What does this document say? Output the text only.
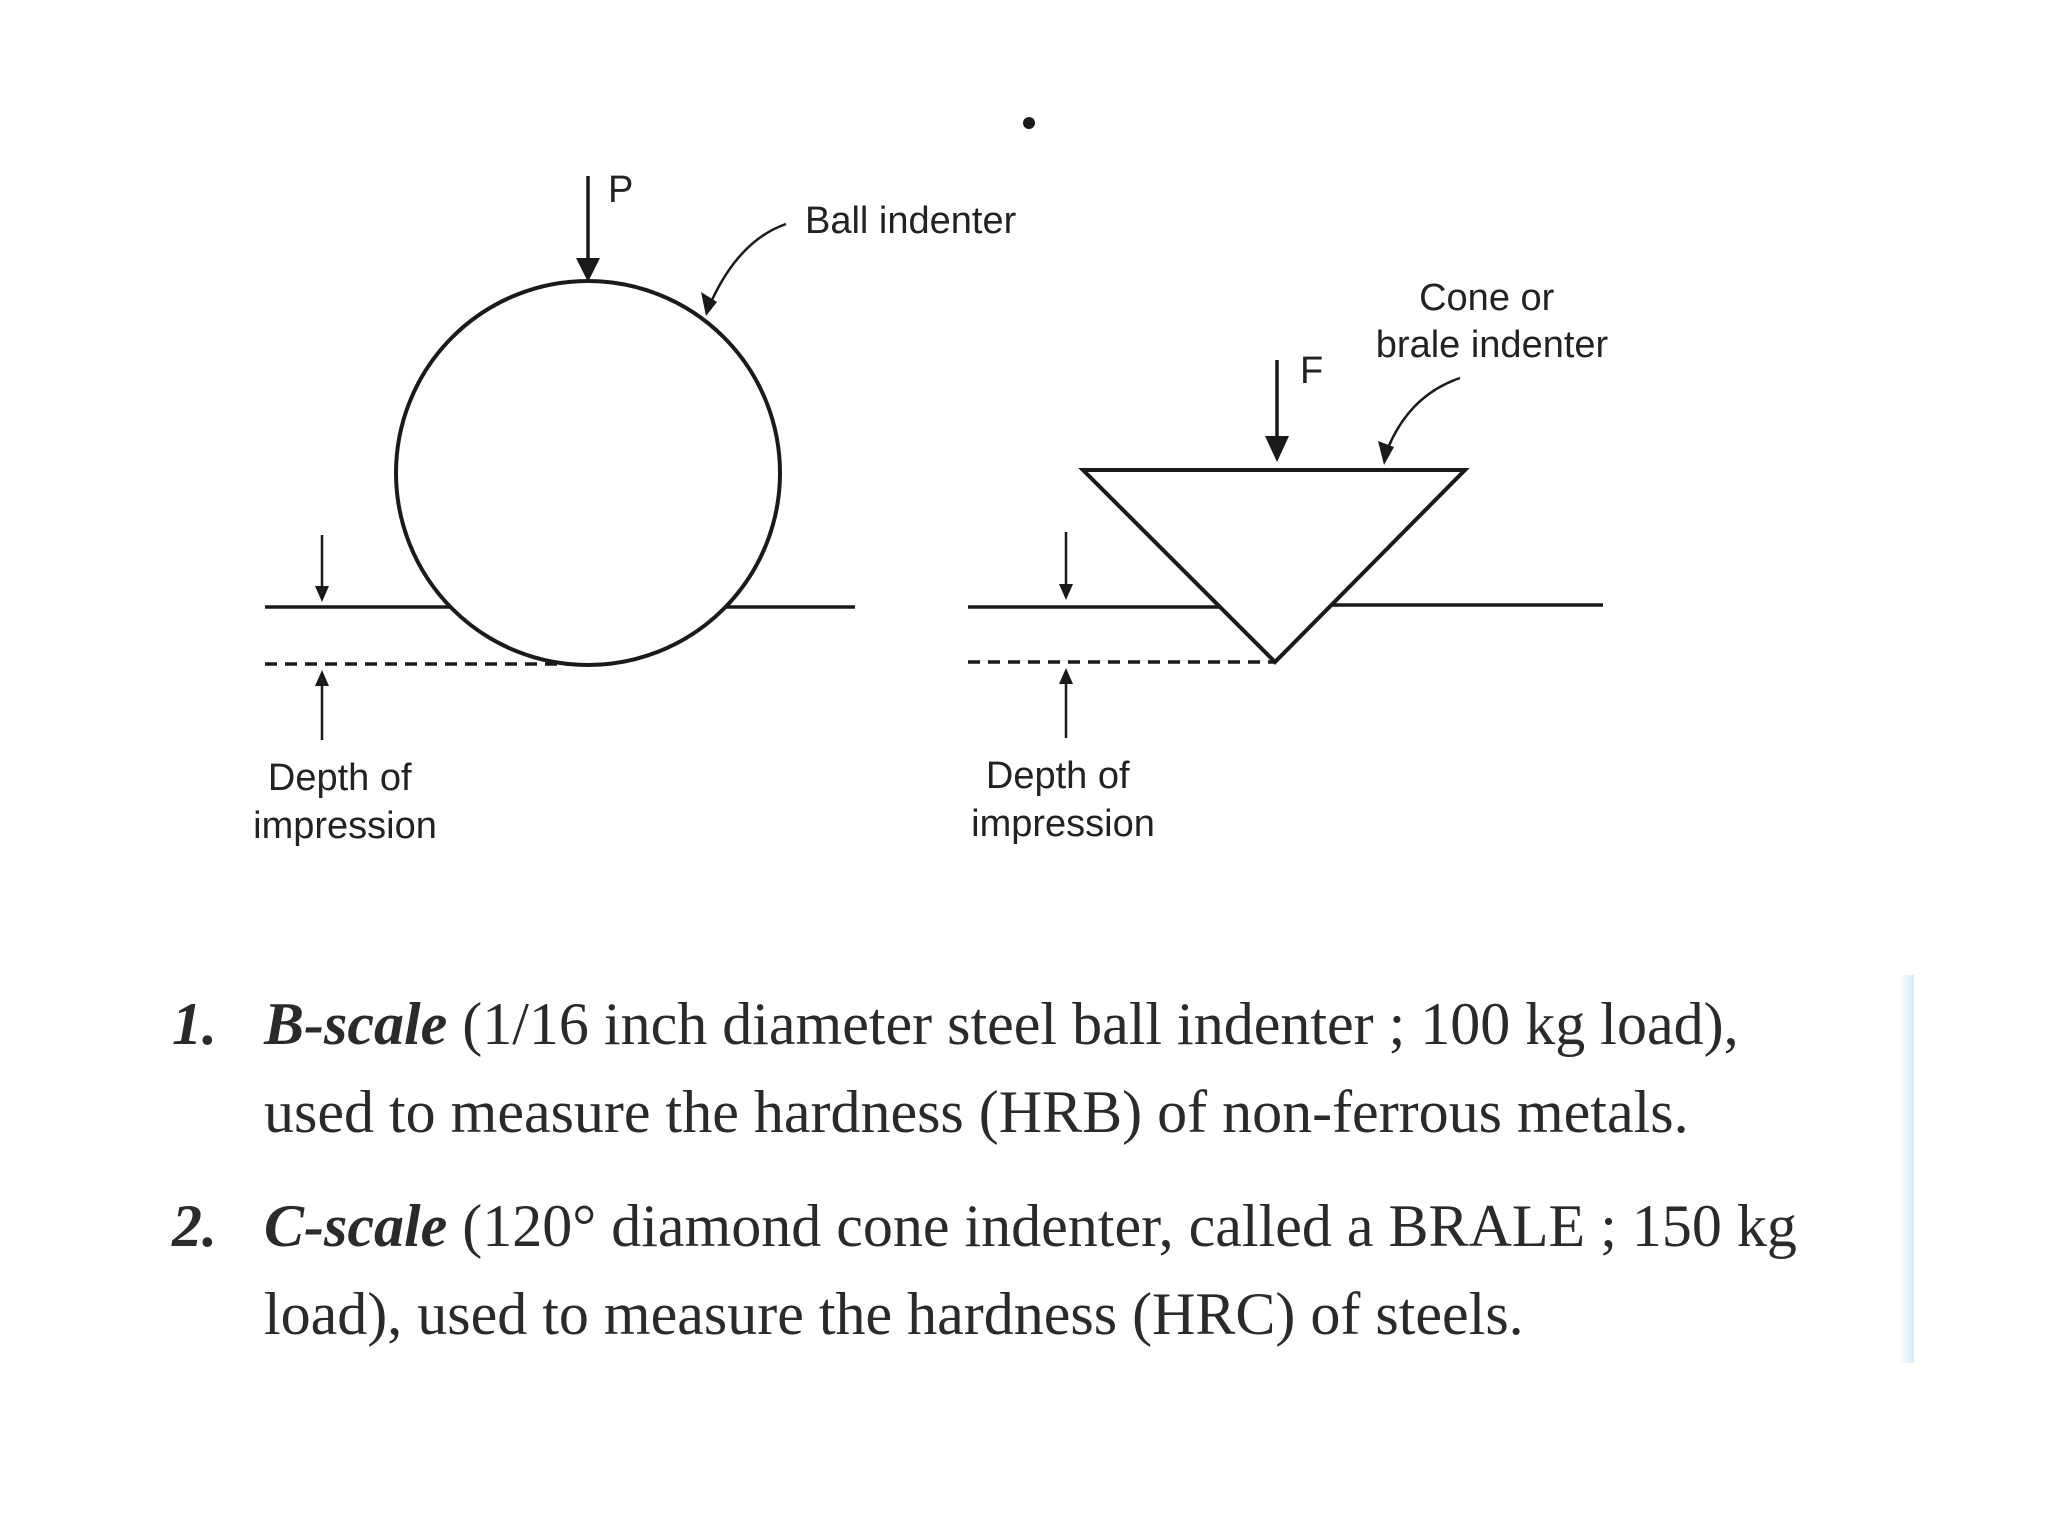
P
Ball indenter
Depth of impression
F
Cone or brale indenter
Depth of impression
1. B-scale (1/16 inch diameter steel ball indenter ; 100 kg load),
used to measure the hardness (HRB) of non-ferrous metals.
2. C-scale (120° diamond cone indenter, called a BRALE ; 150 kg
load), used to measure the hardness (HRC) of steels.
